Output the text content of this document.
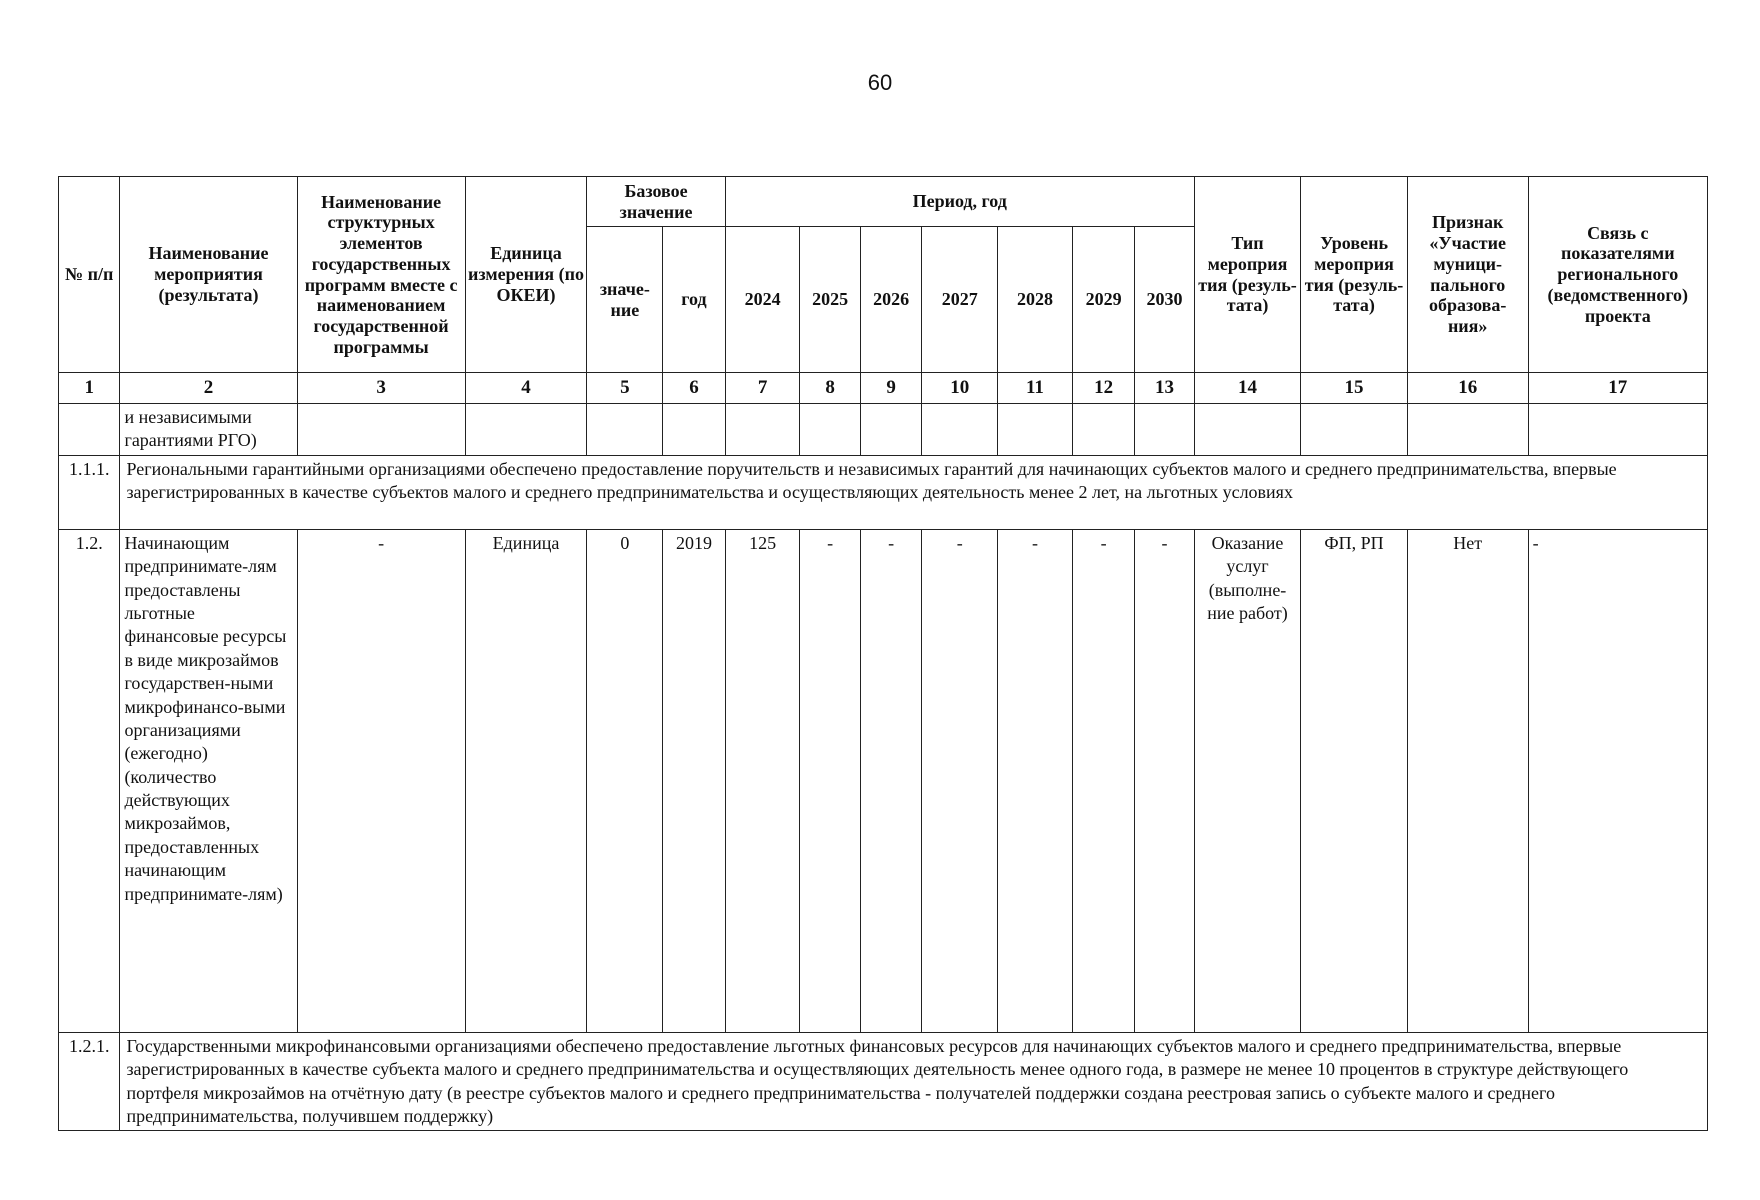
60
№ п/п	Наименование мероприятия (результата)	Наименование структурных элементов государственных программ вместе с наименованием государственной программы	Единица измерения (по ОКЕИ)	Базовое значение		Период, год							Тип мероприя тия (резуль-тата)	Уровень мероприя тия (резуль-тата)	Признак «Участие муници-пального образова-ния»	Связь с показателями регионального (ведомственного) проекта
				значе-ние	год	2024	2025	2026	2027	2028	2029	2030				
1	2	3	4	5	6	7	8	9	10	11	12	13	14	15	16	17
	и независимыми гарантиями РГО)															
1.1.1.	Региональными гарантийными организациями обеспечено предоставление поручительств и независимых гарантий для начинающих субъектов малого и среднего предпринимательства, впервые зарегистрированных в качестве субъектов малого и среднего предпринимательства и осуществляющих деятельность менее 2 лет, на льготных условиях															
1.2.	Начинающим предпринимате-лям предоставлены льготные финансовые ресурсы в виде микрозаймов государствен-ными микрофинансо-выми организациями (ежегодно) (количество действующих микрозаймов, предоставленных начинающим предпринимате-лям)	-	Единица	0	2019	125	-	-	-	-	-	-	Оказание услуг (выполне-ние работ)	ФП, РП	Нет	-
1.2.1.	Государственными микрофинансовыми организациями обеспечено предоставление льготных финансовых ресурсов для начинающих субъектов малого и среднего предпринимательства, впервые зарегистрированных в качестве субъекта малого и среднего предпринимательства и осуществляющих деятельность менее одного года, в размере не менее 10 процентов в структуре действующего портфеля микрозаймов на отчётную дату (в реестре субъектов малого и среднего предпринимательства - получателей поддержки создана реестровая запись о субъекте малого и среднего предпринимательства, получившем поддержку)															
